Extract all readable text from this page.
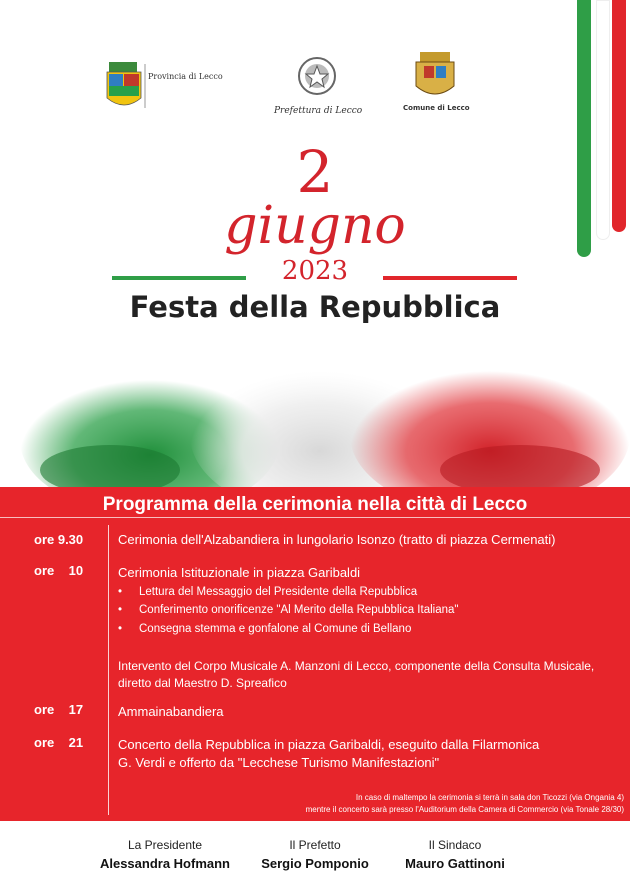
Provincia di Lecco
Prefettura di Lecco	Comune di Lecco
2
giugno
2023
Festa della Repubblica
Programma della cerimonia nella città di Lecco
ore 9.30	Cerimonia dell'Alzabandiera in lungolario Isonzo (tratto di piazza Cermenati)
ore    10	Cerimonia Istituzionale in piazza Garibaldi
• Lettura del Messaggio del Presidente della Repubblica
• Conferimento onorificenze "Al Merito della Repubblica Italiana"
• Consegna stemma e gonfalone al Comune di Bellano
Intervento del Corpo Musicale A. Manzoni di Lecco, componente della Consulta Musicale,
diretto dal Maestro D. Spreafico
ore    17	Ammainabandiera
ore    21	Concerto della Repubblica in piazza Garibaldi, eseguito dalla Filarmonica
G. Verdi e offerto da "Lecchese Turismo Manifestazioni"
In caso di maltempo la cerimonia si terrà in sala don Ticozzi (via Ongania 4)
mentre il concerto sarà presso l'Auditorium della Camera di Commercio (via Tonale 28/30)
La Presidente
Alessandra Hofmann
Il Prefetto
Sergio Pomponio
Il Sindaco
Mauro Gattinoni
